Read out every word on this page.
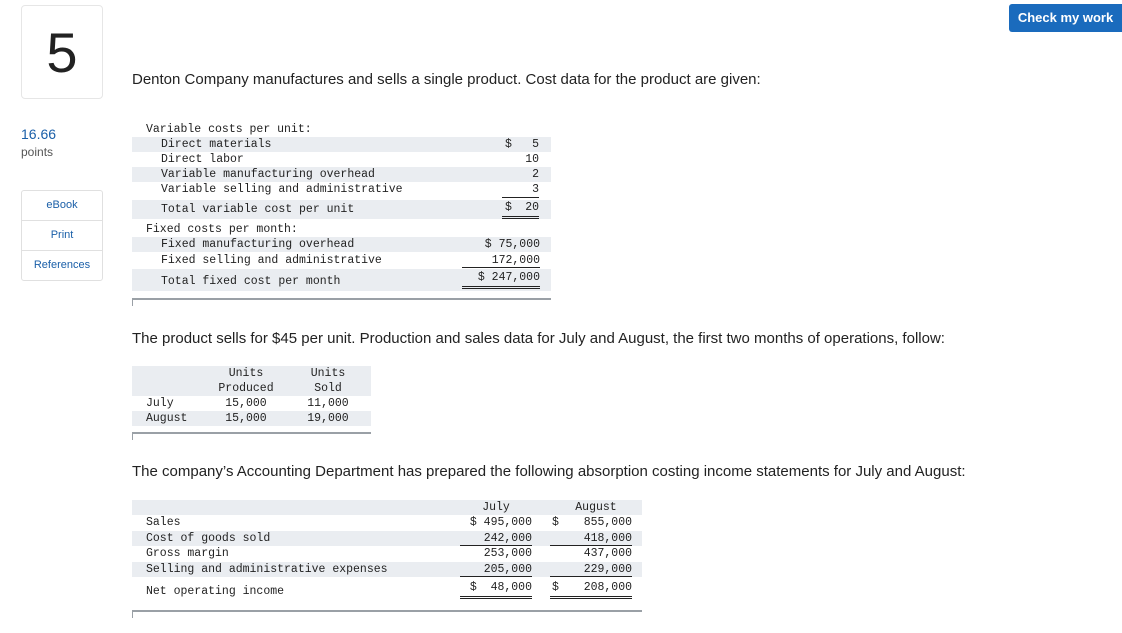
5
16.66
points
eBook
Print
References
Check my work
Denton Company manufactures and sells a single product. Cost data for the product are given:
Variable costs per unit:
Direct materials	$	5
Direct labor	10
Variable manufacturing overhead	2
Variable selling and administrative	3
Total variable cost per unit	$ 20
Fixed costs per month:
Fixed manufacturing overhead	$ 75,000
Fixed selling and administrative	172,000
Total fixed cost per month	$ 247,000
The product sells for $45 per unit. Production and sales data for July and August, the first two months of operations, follow:
Units	Units
Produced	Sold
July	15,000	11,000
August	15,000	19,000
The company’s Accounting Department has prepared the following absorption costing income statements for July and August:
July	August
Sales	$ 495,000 $	855,000
Cost of goods sold	242,000	418,000
Gross margin	253,000	437,000
Selling and administrative expenses	205,000	229,000
Net operating income	$  48,000 $	208,000
